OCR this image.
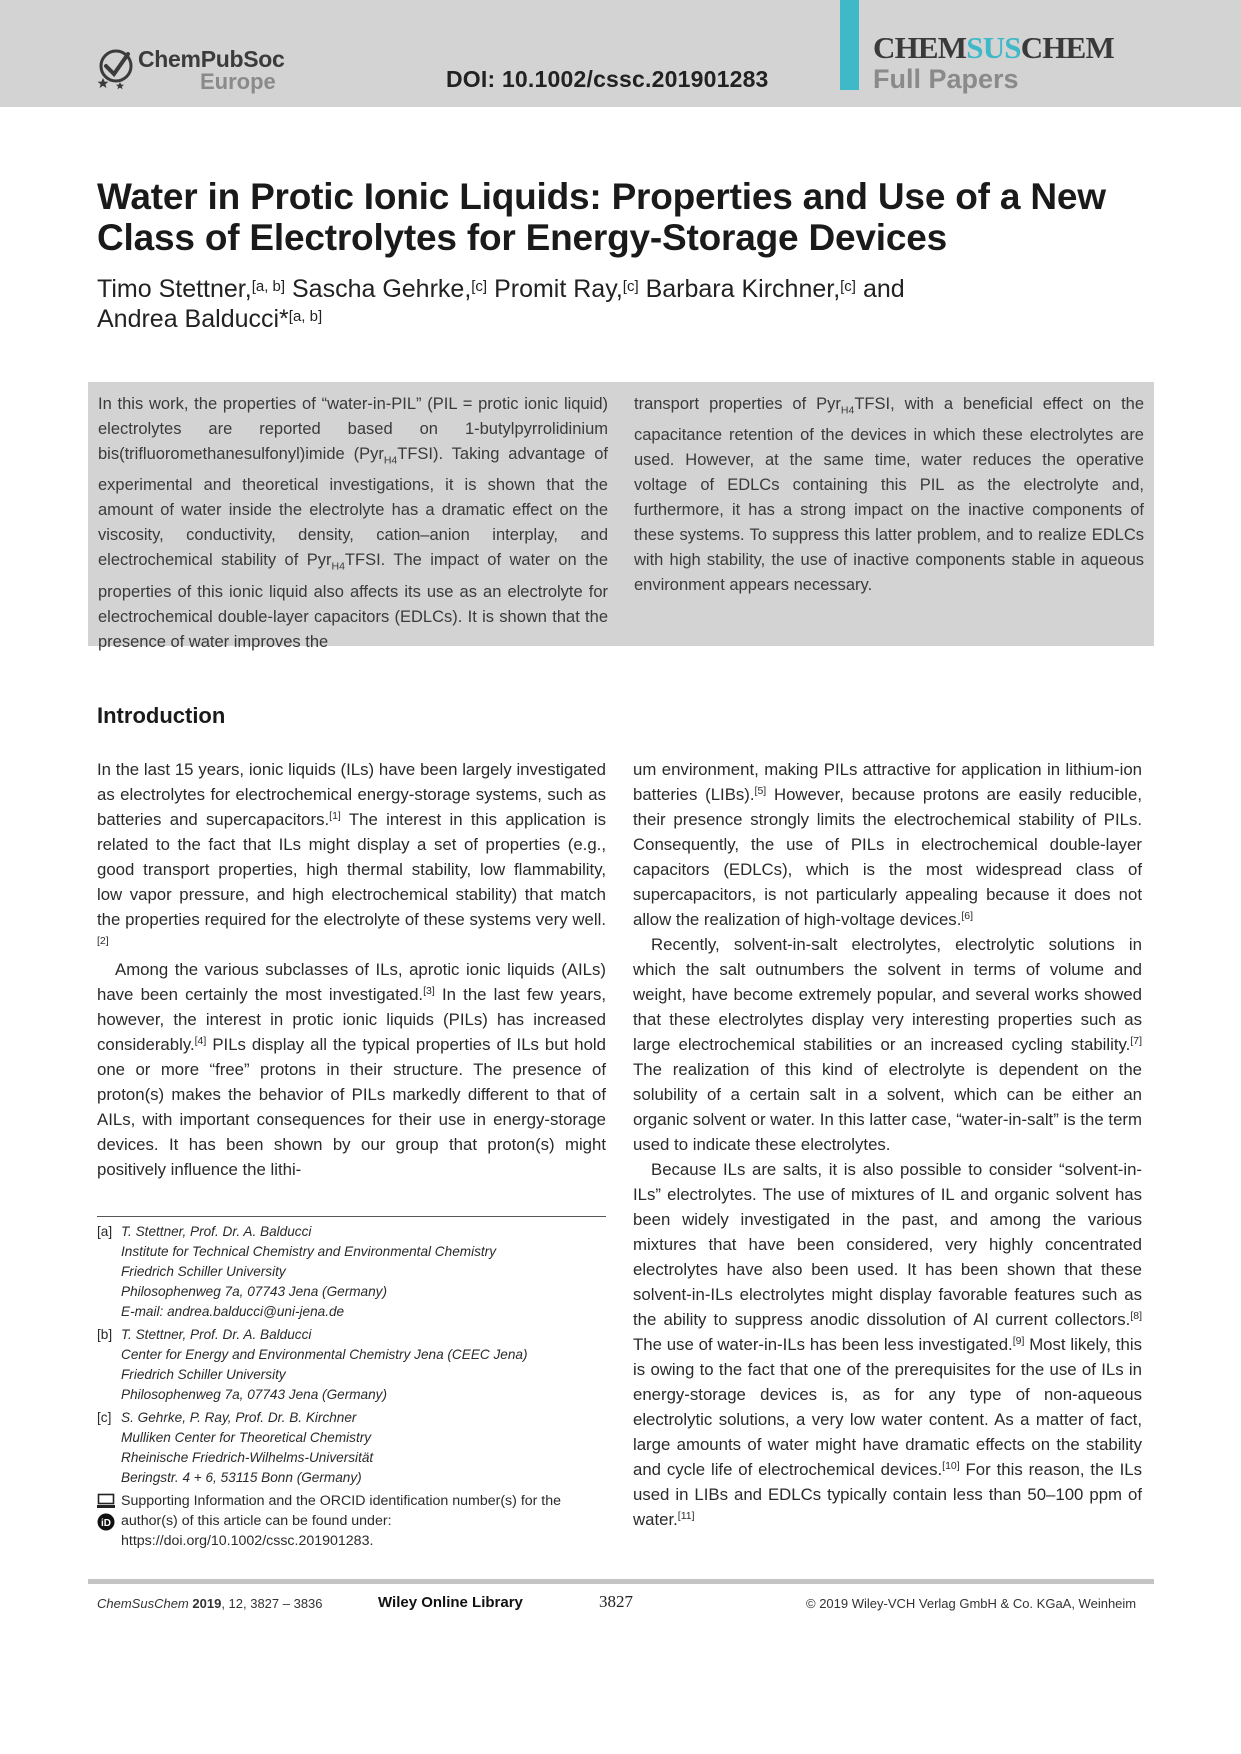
ChemPubSoc
Europe	DOI: 10.1002/cssc.201901283
CHEMSUSCHEM
Full Papers
Water in Protic Ionic Liquids: Properties and Use of a New Class of Electrolytes for Energy-Storage Devices
Timo Stettner,[a, b] Sascha Gehrke,[c] Promit Ray,[c] Barbara Kirchner,[c] and
Andrea Balducci*[a, b]
In this work, the properties of “water-in-PIL” (PIL = protic ionic liquid) electrolytes are reported based on 1-butylpyrrolidinium bis(trifluoromethanesulfonyl)imide (Pyr$_{H4}$TFSI). Taking advantage of experimental and theoretical investigations, it is shown that the amount of water inside the electrolyte has a dramatic effect on the viscosity, conductivity, density, cation–anion interplay, and electrochemical stability of Pyr$_{H4}$TFSI. The impact of water on the properties of this ionic liquid also affects its use as an electrolyte for electrochemical double-layer capacitors (EDLCs). It is shown that the presence of water improves the
transport properties of Pyr$_{H4}$TFSI, with a beneficial effect on the capacitance retention of the devices in which these electrolytes are used. However, at the same time, water reduces the operative voltage of EDLCs containing this PIL as the electrolyte and, furthermore, it has a strong impact on the inactive components of these systems. To suppress this latter problem, and to realize EDLCs with high stability, the use of inactive components stable in aqueous environment appears necessary.
Introduction

In the last 15 years, ionic liquids (ILs) have been largely investigated as electrolytes for electrochemical energy-storage systems, such as batteries and supercapacitors.[1] The interest in this application is related to the fact that ILs might display a set of properties (e.g., good transport properties, high thermal stability, low flammability, low vapor pressure, and high electrochemical stability) that match the properties required for the electrolyte of these systems very well.[2]

Among the various subclasses of ILs, aprotic ionic liquids (AILs) have been certainly the most investigated.[3] In the last few years, however, the interest in protic ionic liquids (PILs) has increased considerably.[4] PILs display all the typical properties of ILs but hold one or more “free” protons in their structure. The presence of proton(s) makes the behavior of PILs markedly different to that of AILs, with important consequences for their use in energy-storage devices. It has been shown by our group that proton(s) might positively influence the lithi-

um environment, making PILs attractive for application in lithium-ion batteries (LIBs).[5] However, because protons are easily reducible, their presence strongly limits the electrochemical stability of PILs. Consequently, the use of PILs in electrochemical double-layer capacitors (EDLCs), which is the most widespread class of supercapacitors, is not particularly appealing because it does not allow the realization of high-voltage devices.[6]

Recently, solvent-in-salt electrolytes, electrolytic solutions in which the salt outnumbers the solvent in terms of volume and weight, have become extremely popular, and several works showed that these electrolytes display very interesting properties such as large electrochemical stabilities or an increased cycling stability.[7] The realization of this kind of electrolyte is dependent on the solubility of a certain salt in a solvent, which can be either an organic solvent or water. In this latter case, “water-in-salt” is the term used to indicate these electrolytes.

Because ILs are salts, it is also possible to consider “solvent-in-ILs” electrolytes. The use of mixtures of IL and organic solvent has been widely investigated in the past, and among the various mixtures that have been considered, very highly concentrated electrolytes have also been used. It has been shown that these solvent-in-ILs electrolytes might display favorable features such as the ability to suppress anodic dissolution of Al current collectors.[8] The use of water-in-ILs has been less investigated.[9] Most likely, this is owing to the fact that one of the prerequisites for the use of ILs in energy-storage devices is, as for any type of non-aqueous electrolytic solutions, a very low water content. As a matter of fact, large amounts of water might have dramatic effects on the stability and cycle life of electrochemical devices.[10] For this reason, the ILs used in LIBs and EDLCs typically contain less than 50–100 ppm of water.[11]

[a] T. Stettner, Prof. Dr. A. Balducci
Institute for Technical Chemistry and Environmental Chemistry
Friedrich Schiller University
Philosophenweg 7a, 07743 Jena (Germany)
E-mail: andrea.balducci@uni-jena.de
[b] T. Stettner, Prof. Dr. A. Balducci
Center for Energy and Environmental Chemistry Jena (CEEC Jena)
Friedrich Schiller University
Philosophenweg 7a, 07743 Jena (Germany)
[c] S. Gehrke, P. Ray, Prof. Dr. B. Kirchner
Mulliken Center for Theoretical Chemistry
Rheinische Friedrich-Wilhelms-Universität
Beringstr. 4 + 6, 53115 Bonn (Germany)
iD
Supporting Information and the ORCID identification number(s) for the author(s) of this article can be found under: https://doi.org/10.1002/cssc.201901283.
ChemSusChem 2019, 12, 3827 – 3836	Wiley Online Library	3827	© 2019 Wiley-VCH Verlag GmbH & Co. KGaA, Weinheim
